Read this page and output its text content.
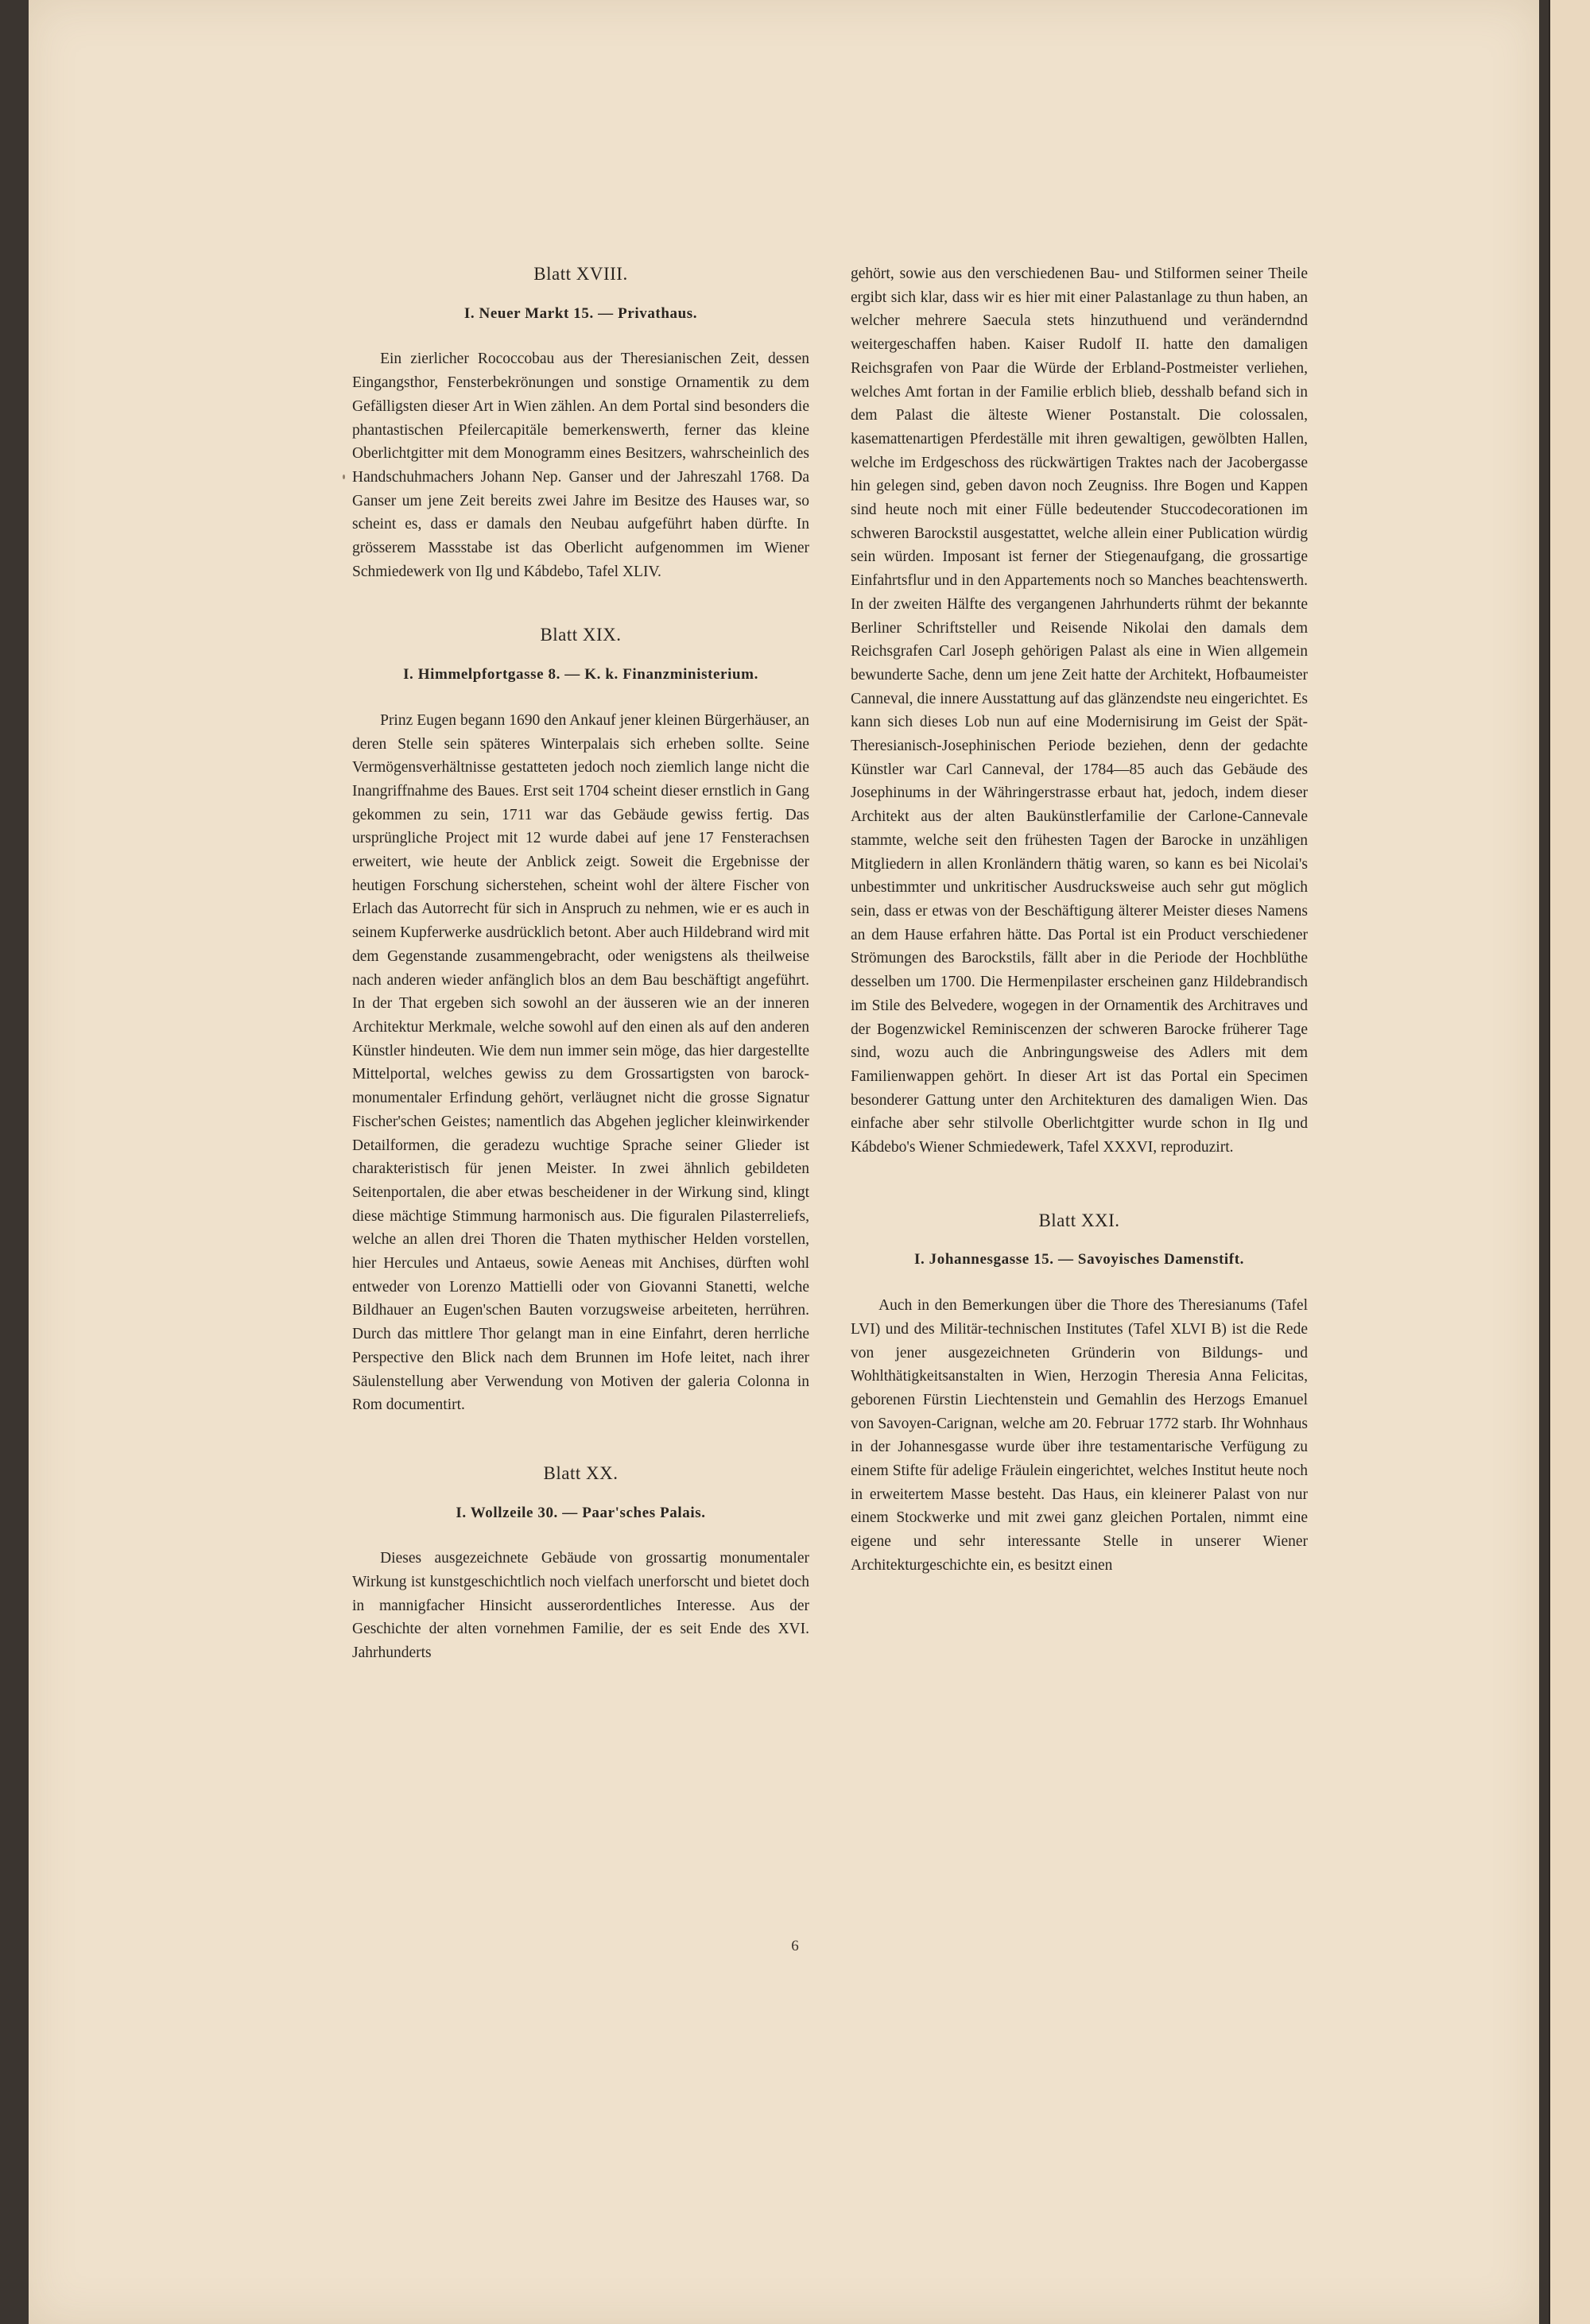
Blatt XVIII.
I. Neuer Markt 15. — Privathaus.

Ein zierlicher Rococcobau aus der Theresianischen Zeit, dessen Eingangsthor, Fensterbekrönungen und sonstige Ornamentik zu dem Gefälligsten dieser Art in Wien zählen. An dem Portal sind besonders die phantastischen Pfeilercapitäle bemerkenswerth, ferner das kleine Oberlichtgitter mit dem Monogramm eines Besitzers, wahrscheinlich des Handschuhmachers Johann Nep. Ganser und der Jahreszahl 1768. Da Ganser um jene Zeit bereits zwei Jahre im Besitze des Hauses war, so scheint es, dass er damals den Neubau aufgeführt haben dürfte. In grösserem Massstabe ist das Oberlicht aufgenommen im Wiener Schmiedewerk von Ilg und Kábdebo, Tafel XLIV.

Blatt XIX.
I. Himmelpfortgasse 8. — K. k. Finanzministerium.

Prinz Eugen begann 1690 den Ankauf jener kleinen Bürgerhäuser, an deren Stelle sein späteres Winterpalais sich erheben sollte. Seine Vermögensverhältnisse gestatteten jedoch noch ziemlich lange nicht die Inangriffnahme des Baues. Erst seit 1704 scheint dieser ernstlich in Gang gekommen zu sein, 1711 war das Gebäude gewiss fertig. Das ursprüngliche Project mit 12 wurde dabei auf jene 17 Fensterachsen erweitert, wie heute der Anblick zeigt. Soweit die Ergebnisse der heutigen Forschung sicherstehen, scheint wohl der ältere Fischer von Erlach das Autorrecht für sich in Anspruch zu nehmen, wie er es auch in seinem Kupferwerke ausdrücklich betont. Aber auch Hildebrand wird mit dem Gegenstande zusammengebracht, oder wenigstens als theilweise nach anderen wieder anfänglich blos an dem Bau beschäftigt angeführt. In der That ergeben sich sowohl an der äusseren wie an der inneren Architektur Merkmale, welche sowohl auf den einen als auf den anderen Künstler hindeuten. Wie dem nun immer sein möge, das hier dargestellte Mittelportal, welches gewiss zu dem Grossartigsten von barock-monumentaler Erfindung gehört, verläugnet nicht die grosse Signatur Fischer'schen Geistes; namentlich das Abgehen jeglicher kleinwirkender Detailformen, die geradezu wuchtige Sprache seiner Glieder ist charakteristisch für jenen Meister. In zwei ähnlich gebildeten Seitenportalen, die aber etwas bescheidener in der Wirkung sind, klingt diese mächtige Stimmung harmonisch aus. Die figuralen Pilasterreliefs, welche an allen drei Thoren die Thaten mythischer Helden vorstellen, hier Hercules und Antaeus, sowie Aeneas mit Anchises, dürften wohl entweder von Lorenzo Mattielli oder von Giovanni Stanetti, welche Bildhauer an Eugen'schen Bauten vorzugsweise arbeiteten, herrühren. Durch das mittlere Thor gelangt man in eine Einfahrt, deren herrliche Perspective den Blick nach dem Brunnen im Hofe leitet, nach ihrer Säulenstellung aber Verwendung von Motiven der galeria Colonna in Rom documentirt.

Blatt XX.
I. Wollzeile 30. — Paar'sches Palais.

Dieses ausgezeichnete Gebäude von grossartig monumentaler Wirkung ist kunstgeschichtlich noch vielfach unerforscht und bietet doch in mannigfacher Hinsicht ausserordentliches Interesse. Aus der Geschichte der alten vornehmen Familie, der es seit Ende des XVI. Jahrhunderts

gehört, sowie aus den verschiedenen Bau- und Stilformen seiner Theile ergibt sich klar, dass wir es hier mit einer Palastanlage zu thun haben, an welcher mehrere Saecula stets hinzuthuend und veränderndnd weitergeschaffen haben. Kaiser Rudolf II. hatte den damaligen Reichsgrafen von Paar die Würde der Erbland-Postmeister verliehen, welches Amt fortan in der Familie erblich blieb, desshalb befand sich in dem Palast die älteste Wiener Postanstalt. Die colossalen, kasemattenartigen Pferdeställe mit ihren gewaltigen, gewölbten Hallen, welche im Erdgeschoss des rückwärtigen Traktes nach der Jacobergasse hin gelegen sind, geben davon noch Zeugniss. Ihre Bogen und Kappen sind heute noch mit einer Fülle bedeutender Stuccodecorationen im schweren Barockstil ausgestattet, welche allein einer Publication würdig sein würden. Imposant ist ferner der Stiegenaufgang, die grossartige Einfahrtsflur und in den Appartements noch so Manches beachtenswerth. In der zweiten Hälfte des vergangenen Jahrhunderts rühmt der bekannte Berliner Schriftsteller und Reisende Nikolai den damals dem Reichsgrafen Carl Joseph gehörigen Palast als eine in Wien allgemein bewunderte Sache, denn um jene Zeit hatte der Architekt, Hofbaumeister Canneval, die innere Ausstattung auf das glänzendste neu eingerichtet. Es kann sich dieses Lob nun auf eine Modernisirung im Geist der Spät-Theresianisch-Josephinischen Periode beziehen, denn der gedachte Künstler war Carl Canneval, der 1784—85 auch das Gebäude des Josephinums in der Währingerstrasse erbaut hat, jedoch, indem dieser Architekt aus der alten Baukünstlerfamilie der Carlone-Cannevale stammte, welche seit den frühesten Tagen der Barocke in unzähligen Mitgliedern in allen Kronländern thätig waren, so kann es bei Nicolai's unbestimmter und unkritischer Ausdrucksweise auch sehr gut möglich sein, dass er etwas von der Beschäftigung älterer Meister dieses Namens an dem Hause erfahren hätte. Das Portal ist ein Product verschiedener Strömungen des Barockstils, fällt aber in die Periode der Hochblüthe desselben um 1700. Die Hermenpilaster erscheinen ganz Hildebrandisch im Stile des Belvedere, wogegen in der Ornamentik des Architraves und der Bogenzwickel Reminiscenzen der schweren Barocke früherer Tage sind, wozu auch die Anbringungsweise des Adlers mit dem Familienwappen gehört. In dieser Art ist das Portal ein Specimen besonderer Gattung unter den Architekturen des damaligen Wien. Das einfache aber sehr stilvolle Oberlichtgitter wurde schon in Ilg und Kábdebo's Wiener Schmiedewerk, Tafel XXXVI, reproduzirt.

Blatt XXI.
I. Johannesgasse 15. — Savoyisches Damenstift.

Auch in den Bemerkungen über die Thore des Theresianums (Tafel LVI) und des Militär-technischen Institutes (Tafel XLVI B) ist die Rede von jener ausgezeichneten Gründerin von Bildungs- und Wohlthätigkeitsanstalten in Wien, Herzogin Theresia Anna Felicitas, geborenen Fürstin Liechtenstein und Gemahlin des Herzogs Emanuel von Savoyen-Carignan, welche am 20. Februar 1772 starb. Ihr Wohnhaus in der Johannesgasse wurde über ihre testamentarische Verfügung zu einem Stifte für adelige Fräulein eingerichtet, welches Institut heute noch in erweitertem Masse besteht. Das Haus, ein kleinerer Palast von nur einem Stockwerke und mit zwei ganz gleichen Portalen, nimmt eine eigene und sehr interessante Stelle in unserer Wiener Architekturgeschichte ein, es besitzt einen

6
